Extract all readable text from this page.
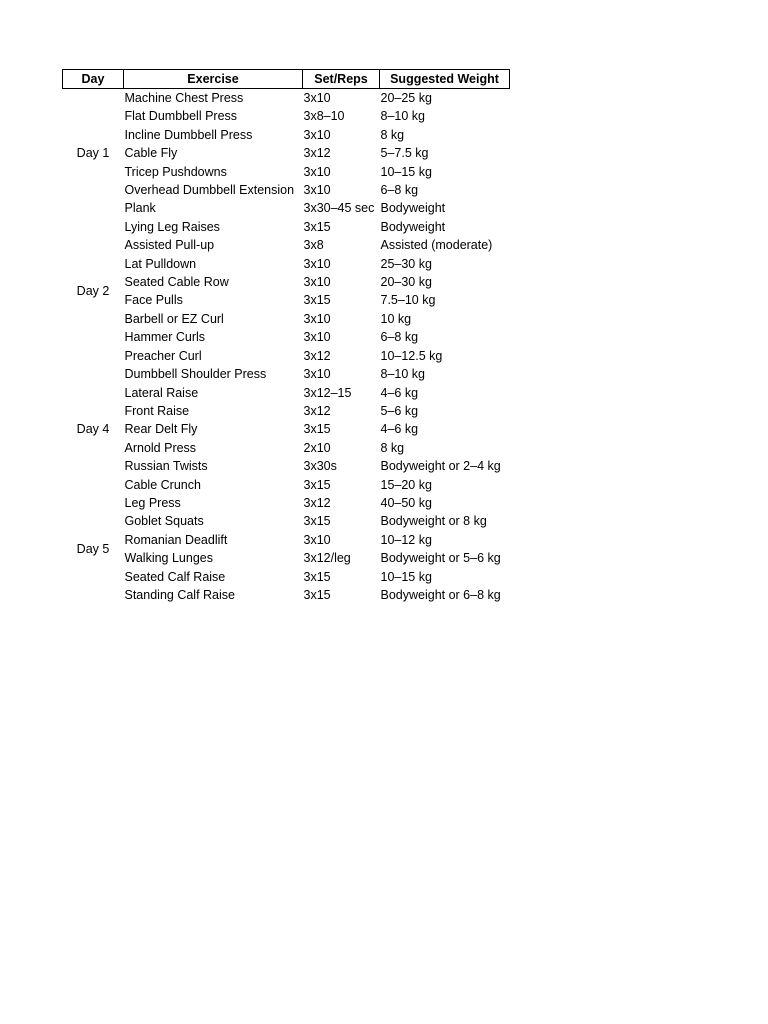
Day	Exercise	Set/Reps	Suggested Weight
Day 1	Machine Chest Press	3x10	20–25 kg
	Flat Dumbbell Press	3x8–10	8–10 kg
	Incline Dumbbell Press	3x10	8 kg
	Cable Fly	3x12	5–7.5 kg
	Tricep Pushdowns	3x10	10–15 kg
	Overhead Dumbbell Extension	3x10	6–8 kg
	Plank	3x30–45 sec	Bodyweight
Day 2	Lying Leg Raises	3x15	Bodyweight
	Assisted Pull-up	3x8	Assisted (moderate)
	Lat Pulldown	3x10	25–30 kg
	Seated Cable Row	3x10	20–30 kg
	Face Pulls	3x15	7.5–10 kg
	Barbell or EZ Curl	3x10	10 kg
	Hammer Curls	3x10	6–8 kg
	Preacher Curl	3x12	10–12.5 kg
Day 4	Dumbbell Shoulder Press	3x10	8–10 kg
	Lateral Raise	3x12–15	4–6 kg
	Front Raise	3x12	5–6 kg
	Rear Delt Fly	3x15	4–6 kg
	Arnold Press	2x10	8 kg
	Russian Twists	3x30s	Bodyweight or 2–4 kg
	Cable Crunch	3x15	15–20 kg
Day 5	Leg Press	3x12	40–50 kg
	Goblet Squats	3x15	Bodyweight or 8 kg
	Romanian Deadlift	3x10	10–12 kg
	Walking Lunges	3x12/leg	Bodyweight or 5–6 kg
	Seated Calf Raise	3x15	10–15 kg
	Standing Calf Raise	3x15	Bodyweight or 6–8 kg
